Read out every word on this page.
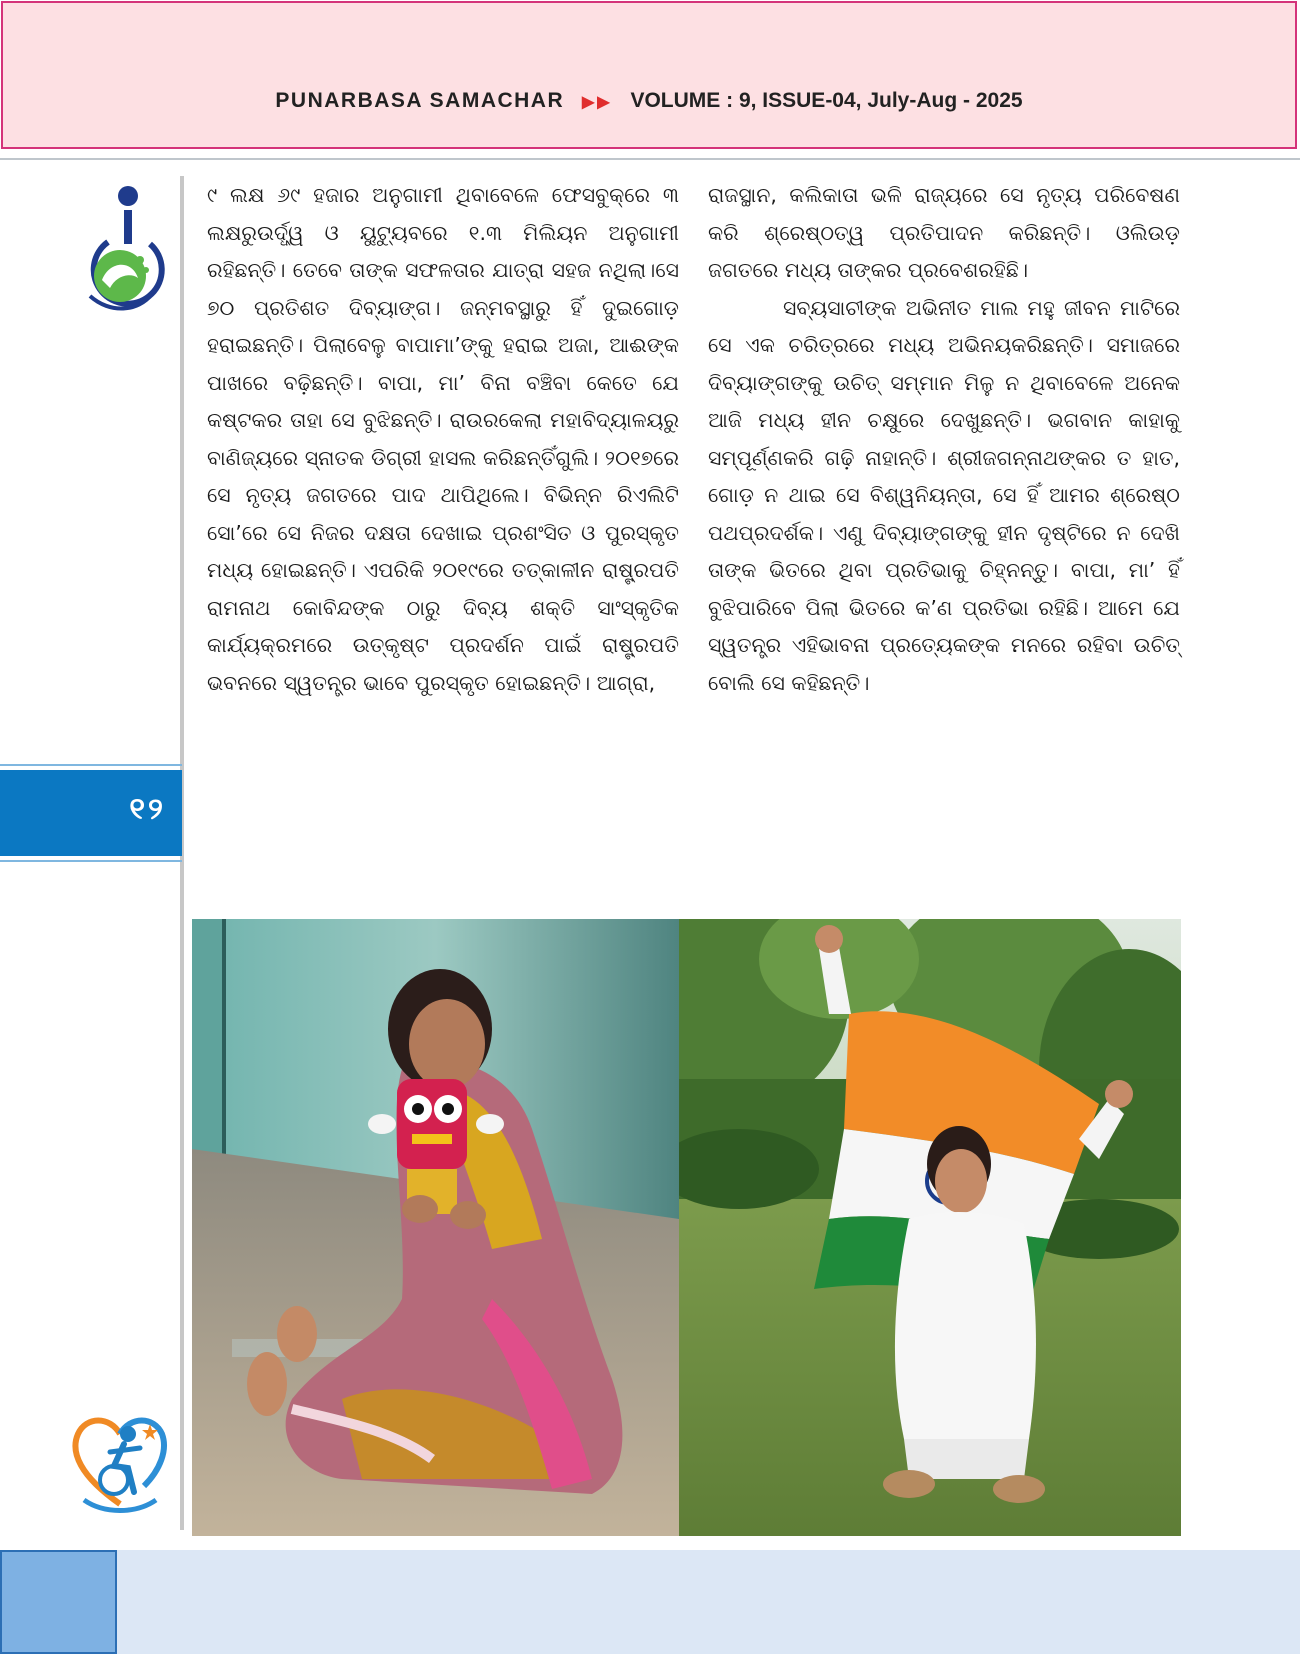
PUNARBASA SAMACHAR ▶▶ VOLUME : 9, ISSUE-04, July-Aug - 2025
୧୨

୯ ଲକ୍ଷ ୬୯ ହଜାର ଅନୁଗାମୀ ଥିବାବେଳେ ଫେସବୁକ୍‌ରେ ୩ ଲକ୍ଷରୁଉର୍ଦ୍ଧ୍ୱ ଓ ୟୁଟ୍ୟୁବରେ ୧.୩ ମିଲିୟନ ଅନୁଗାମୀ ରହିଛନ୍ତି। ତେବେ ତାଙ୍କ ସଫଳତାର ଯାତ୍ରା ସହଜ ନଥିଲା।ସେ ୭୦ ପ୍ରତିଶତ ଦିବ୍ୟାଙ୍ଗ। ଜନ୍ମବସ୍ଥାରୁ ହିଁ ଦୁଇଗୋଡ଼ ହରାଇଛନ୍ତି। ପିଲାବେଳୁ ବାପାମା’ଙ୍କୁ ହରାଇ ଅଜା, ଆଈଙ୍କ ପାଖରେ ବଢ଼ିଛନ୍ତି। ବାପା, ମା’ ବିନା ବଞ୍ଚିବା କେତେ ଯେ କଷ୍ଟକର ତାହା ସେ ବୁଝିଛନ୍ତି। ରାଉରକେଲା ମହାବିଦ୍ୟାଳୟରୁ ବାଣିଜ୍ୟରେ ସ୍ନାତକ ଡିଗ୍ରୀ ହାସଲ କରିଛନ୍ତିଁଗୁଲି। ୨୦୧୭ରେ ସେ ନୃତ୍ୟ ଜଗତରେ ପାଦ ଥାପିଥିଲେ। ବିଭିନ୍ନ ରିଏଲିଟି ସୋ’ରେ ସେ ନିଜର ଦକ୍ଷତା ଦେଖାଇ ପ୍ରଶଂସିତ ଓ ପୁରସ୍କୃତ ମଧ୍ୟ ହୋଇଛନ୍ତି। ଏପରିକି ୨୦୧୯ରେ ତତ୍କାଳୀନ ରାଷ୍ଟ୍ରପତି ରାମନାଥ କୋବିନ୍ଦଙ୍କ ଠାରୁ ଦିବ୍ୟ ଶକ୍ତି ସାଂସ୍କୃତିକ କାର୍ଯ୍ୟକ୍ରମରେ ଉତ୍କୃଷ୍ଟ ପ୍ରଦର୍ଶନ ପାଇଁ ରାଷ୍ଟ୍ରପତି ଭବନରେ ସ୍ୱତନ୍ତ୍ର ଭାବେ ପୁରସ୍କୃତ ହୋଇଛନ୍ତି। ଆଗ୍ରା,

ରାଜସ୍ଥାନ, କଲିକାତା ଭଳି ରାଜ୍ୟରେ ସେ ନୃତ୍ୟ ପରିବେଷଣ କରି ଶ୍ରେଷ୍ଠତ୍ୱ ପ୍ରତିପାଦନ କରିଛନ୍ତି। ଓଲିଉଡ଼ ଜଗତରେ ମଧ୍ୟ ତାଙ୍କର ପ୍ରବେଶରହିଛି।

ସବ୍ୟସାଚୀଙ୍କ ଅଭିନୀତ ମାଲ ମହୁ ଜୀବନ ମାଟିରେ ସେ ଏକ ଚରିତ୍ରରେ ମଧ୍ୟ ଅଭିନୟକରିଛନ୍ତି। ସମାଜରେ ଦିବ୍ୟାଙ୍ଗଙ୍କୁ ଉଚିତ୍ ସମ୍ମାନ ମିଳୁ ନ ଥିବାବେଳେ ଅନେକ ଆଜି ମଧ୍ୟ ହୀନ ଚକ୍ଷୁରେ ଦେଖୁଛନ୍ତି। ଭଗବାନ କାହାକୁ ସମ୍ପୂର୍ଣ୍ଣକରି ଗଢ଼ି ନାହାନ୍ତି। ଶ୍ରୀଜଗନ୍ନାଥଙ୍କର ତ ହାତ, ଗୋଡ଼ ନ ଥାଇ ସେ ବିଶ୍ୱନିୟନ୍ତା, ସେ ହିଁ ଆମର ଶ୍ରେଷ୍ଠ ପଥପ୍ରଦର୍ଶକ। ଏଣୁ ଦିବ୍ୟାଙ୍ଗଙ୍କୁ ହୀନ ଦୃଷ୍ଟିରେ ନ ଦେଖି ତାଙ୍କ ଭିତରେ ଥିବା ପ୍ରତିଭାକୁ ଚିହ୍ନନ୍ତୁ। ବାପା, ମା’ ହିଁ ବୁଝିପାରିବେ ପିଲା ଭିତରେ କ’ଣ ପ୍ରତିଭା ରହିଛି। ଆମେ ଯେ ସ୍ୱତନ୍ତ୍ର ଏହିଭାବନା ପ୍ରତ୍ୟେକଙ୍କ ମନରେ ରହିବା ଉଚିତ୍ ବୋଲି ସେ କହିଛନ୍ତି।
